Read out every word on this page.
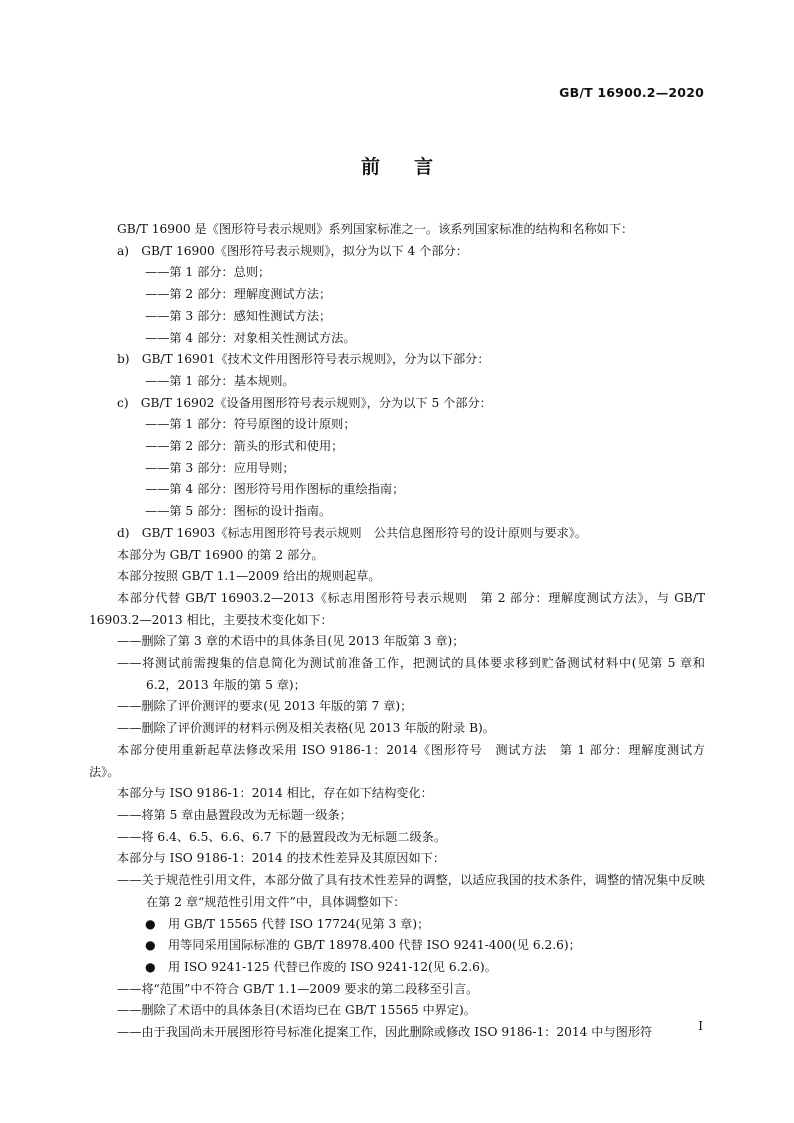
GB/T 16900.2—2020
前言
GB/T 16900 是《图形符号表示规则》系列国家标准之一。该系列国家标准的结构和名称如下：
a)　GB/T 16900《图形符号表示规则》，拟分为以下 4 个部分：
——第 1 部分：总则；
——第 2 部分：理解度测试方法；
——第 3 部分：感知性测试方法；
——第 4 部分：对象相关性测试方法。
b)　GB/T 16901《技术文件用图形符号表示规则》，分为以下部分：
——第 1 部分：基本规则。
c)　GB/T 16902《设备用图形符号表示规则》，分为以下 5 个部分：
——第 1 部分：符号原图的设计原则；
——第 2 部分：箭头的形式和使用；
——第 3 部分：应用导则；
——第 4 部分：图形符号用作图标的重绘指南；
——第 5 部分：图标的设计指南。
d)　GB/T 16903《标志用图形符号表示规则　公共信息图形符号的设计原则与要求》。
本部分为 GB/T 16900 的第 2 部分。
本部分按照 GB/T 1.1—2009 给出的规则起草。
本部分代替 GB/T 16903.2—2013《标志用图形符号表示规则　第 2 部分：理解度测试方法》，与 GB/T 16903.2—2013 相比，主要技术变化如下：
——删除了第 3 章的术语中的具体条目(见 2013 年版第 3 章)；
——将测试前需搜集的信息简化为测试前准备工作，把测试的具体要求移到贮备测试材料中(见第 5 章和 6.2，2013 年版的第 5 章)；
——删除了评价测评的要求(见 2013 年版的第 7 章)；
——删除了评价测评的材料示例及相关表格(见 2013 年版的附录 B)。
本部分使用重新起草法修改采用 ISO 9186-1：2014《图形符号　测试方法　第 1 部分：理解度测试方法》。
本部分与 ISO 9186-1：2014 相比，存在如下结构变化：
——将第 5 章由悬置段改为无标题一级条；
——将 6.4、6.5、6.6、6.7 下的悬置段改为无标题二级条。
本部分与 ISO 9186-1：2014 的技术性差异及其原因如下：
——关于规范性引用文件，本部分做了具有技术性差异的调整，以适应我国的技术条件，调整的情况集中反映在第 2 章“规范性引用文件”中，具体调整如下：
● 用 GB/T 15565 代替 ISO 17724(见第 3 章)；
● 用等同采用国际标准的 GB/T 18978.400 代替 ISO 9241-400(见 6.2.6)；
● 用 ISO 9241-125 代替已作废的 ISO 9241-12(见 6.2.6)。
——将“范围”中不符合 GB/T 1.1—2009 要求的第二段移至引言。
——删除了术语中的具体条目(术语均已在 GB/T 15565 中界定)。
——由于我国尚未开展图形符号标准化提案工作，因此删除或修改 ISO 9186-1：2014 中与图形符	I
